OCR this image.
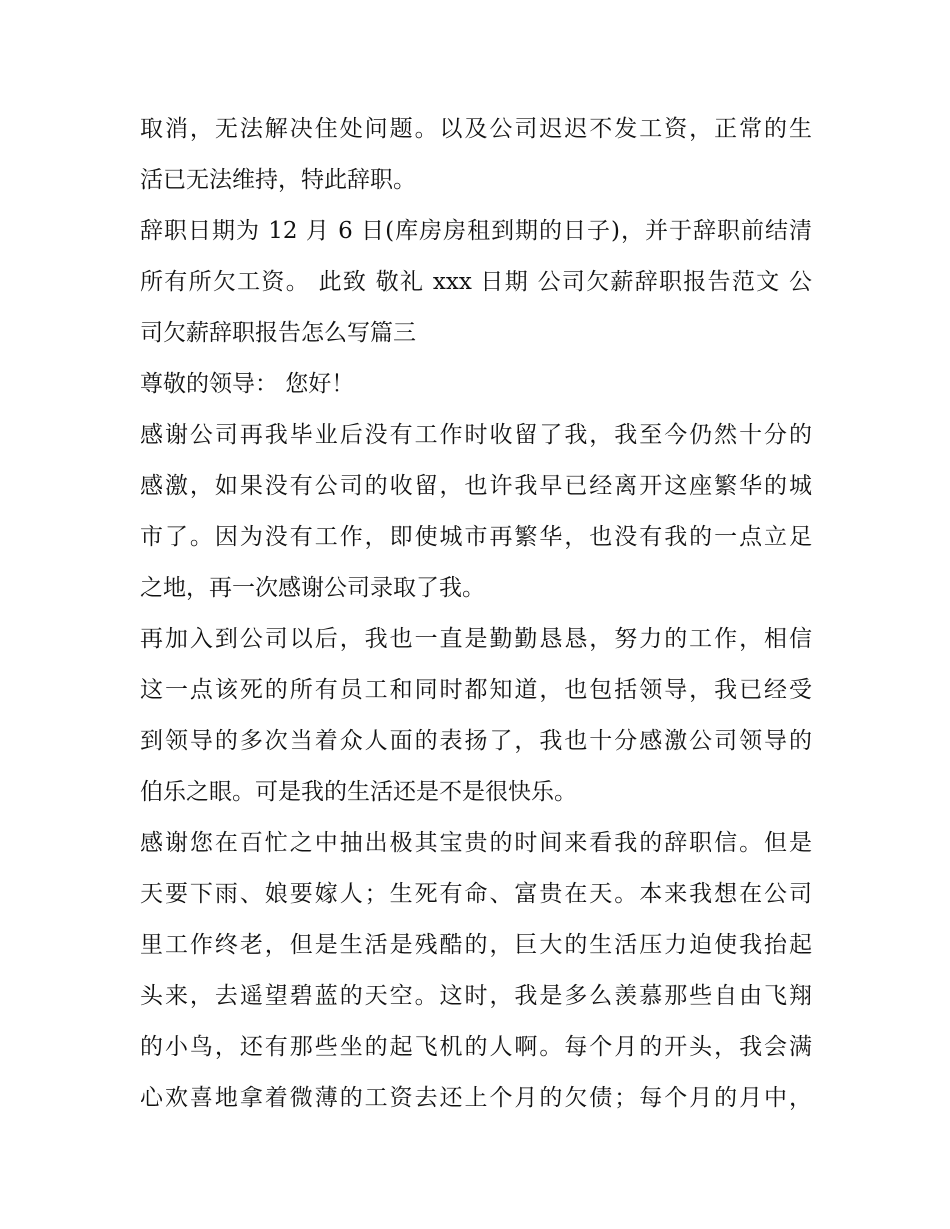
取消，无法解决住处问题。以及公司迟迟不发工资，正常的生
活已无法维持，特此辞职。
辞职日期为 12 月 6 日(库房房租到期的日子)，并于辞职前结清
所有所欠工资。 此致 敬礼 xxx 日期 公司欠薪辞职报告范文 公
司欠薪辞职报告怎么写篇三
尊敬的领导： 您好！
感谢公司再我毕业后没有工作时收留了我，我至今仍然十分的
感激，如果没有公司的收留，也许我早已经离开这座繁华的城
市了。因为没有工作，即使城市再繁华，也没有我的一点立足
之地，再一次感谢公司录取了我。
再加入到公司以后，我也一直是勤勤恳恳，努力的工作，相信
这一点该死的所有员工和同时都知道，也包括领导，我已经受
到领导的多次当着众人面的表扬了，我也十分感激公司领导的
伯乐之眼。可是我的生活还是不是很快乐。
感谢您在百忙之中抽出极其宝贵的时间来看我的辞职信。但是
天要下雨、娘要嫁人；生死有命、富贵在天。本来我想在公司
里工作终老，但是生活是残酷的，巨大的生活压力迫使我抬起
头来，去遥望碧蓝的天空。这时，我是多么羡慕那些自由飞翔
的小鸟，还有那些坐的起飞机的人啊。每个月的开头，我会满
心欢喜地拿着微薄的工资去还上个月的欠债；每个月的月中，
